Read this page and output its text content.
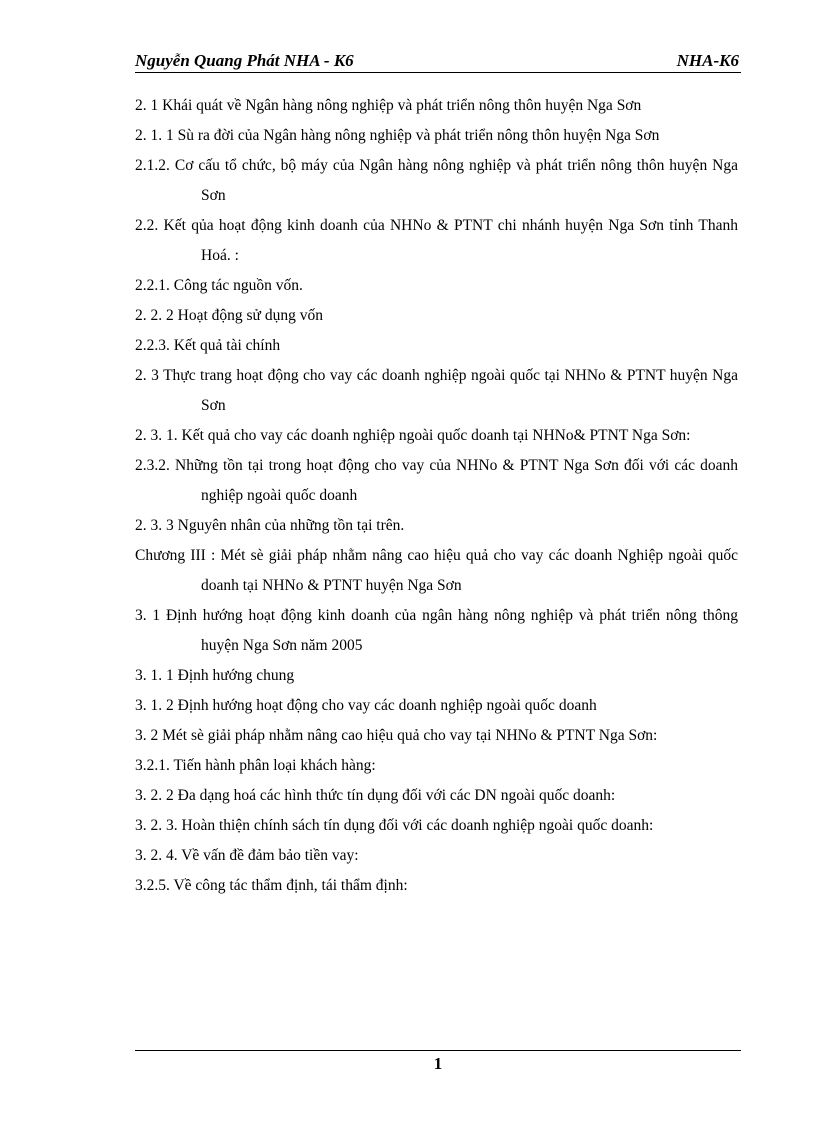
Nguyễn Quang Phát NHA - K6	NHA-K6

2. 1 Khái quát về Ngân hàng nông nghiệp và phát triển nông thôn huyện Nga Sơn

2. 1. 1 Sù ra đời của Ngân hàng nông nghiệp và phát triển nông thôn huyện Nga Sơn

2.1.2. Cơ cấu tổ chức, bộ máy của Ngân hàng nông nghiệp và phát triển nông thôn huyện Nga Sơn

2.2. Kết qủa hoạt động kinh doanh của NHNo & PTNT chi nhánh huyện Nga Sơn tỉnh Thanh Hoá. :

2.2.1. Công tác nguồn vốn.

2. 2. 2 Hoạt động sử dụng vốn

2.2.3. Kết quả tài chính

2. 3 Thực trang hoạt động cho vay các doanh nghiệp ngoài quốc tại NHNo & PTNT huyện Nga Sơn

2. 3. 1. Kết quả cho vay các doanh nghiệp ngoài quốc doanh tại NHNo& PTNT Nga Sơn:

2.3.2. Những tồn tại trong hoạt động cho vay của NHNo & PTNT Nga Sơn đối với các doanh nghiệp ngoài quốc doanh

2. 3. 3 Nguyên nhân của những tồn tại trên.

Chương III : Mét sè giải pháp nhằm nâng cao hiệu quả cho vay các doanh Nghiệp ngoài quốc doanh tại NHNo & PTNT huyện Nga Sơn

3. 1 Định hướng hoạt động kinh doanh của ngân hàng nông nghiệp và phát triển nông thông huyện Nga Sơn năm 2005

3. 1. 1 Định hướng chung

3. 1. 2 Định hướng hoạt động cho vay các doanh nghiệp ngoài quốc doanh

3. 2 Mét sè giải pháp nhằm nâng cao hiệu quả cho vay tại NHNo & PTNT Nga Sơn:

3.2.1. Tiến hành phân loại khách hàng:

3. 2. 2 Đa dạng hoá các hình thức tín dụng đối với các DN ngoài quốc doanh:

3. 2. 3. Hoàn thiện chính sách tín dụng đối với các doanh nghiệp ngoài quốc doanh:

3. 2. 4. Về vấn đề đảm bảo tiền vay:

3.2.5. Về công tác thẩm định, tái thẩm định:

1
